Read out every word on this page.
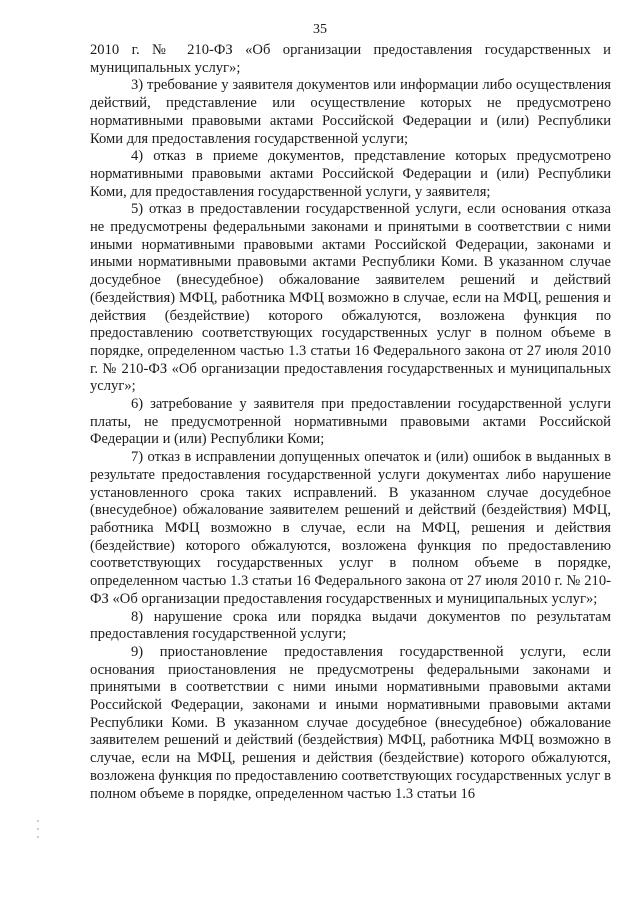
35

2010 г. № 210-ФЗ «Об организации предоставления государственных и муниципальных услуг»;

3) требование у заявителя документов или информации либо осуществления действий, представление или осуществление которых не предусмотрено нормативными правовыми актами Российской Федерации и (или) Республики Коми для предоставления государственной услуги;

4) отказ в приеме документов, представление которых предусмотрено нормативными правовыми актами Российской Федерации и (или) Республики Коми, для предоставления государственной услуги, у заявителя;

5) отказ в предоставлении государственной услуги, если основания отказа не предусмотрены федеральными законами и принятыми в соответствии с ними иными нормативными правовыми актами Российской Федерации, законами и иными нормативными правовыми актами Республики Коми. В указанном случае досудебное (внесудебное) обжалование заявителем решений и действий (бездействия) МФЦ, работника МФЦ возможно в случае, если на МФЦ, решения и действия (бездействие) которого обжалуются, возложена функция по предоставлению соответствующих государственных услуг в полном объеме в порядке, определенном частью 1.3 статьи 16 Федерального закона от 27 июля 2010 г. № 210-ФЗ «Об организации предоставления государственных и муниципальных услуг»;

6) затребование у заявителя при предоставлении государственной услуги платы, не предусмотренной нормативными правовыми актами Российской Федерации и (или) Республики Коми;

7) отказ в исправлении допущенных опечаток и (или) ошибок в выданных в результате предоставления государственной услуги документах либо нарушение установленного срока таких исправлений. В указанном случае досудебное (внесудебное) обжалование заявителем решений и действий (бездействия) МФЦ, работника МФЦ возможно в случае, если на МФЦ, решения и действия (бездействие) которого обжалуются, возложена функция по предоставлению соответствующих государственных услуг в полном объеме в порядке, определенном частью 1.3 статьи 16 Федерального закона от 27 июля 2010 г. № 210-ФЗ «Об организации предоставления государственных и муниципальных услуг»;

8) нарушение срока или порядка выдачи документов по результатам предоставления государственной услуги;

9) приостановление предоставления государственной услуги, если основания приостановления не предусмотрены федеральными законами и принятыми в соответствии с ними иными нормативными правовыми актами Российской Федерации, законами и иными нормативными правовыми актами Республики Коми. В указанном случае досудебное (внесудебное) обжалование заявителем решений и действий (бездействия) МФЦ, работника МФЦ возможно в случае, если на МФЦ, решения и действия (бездействие) которого обжалуются, возложена функция по предоставлению соответствующих государственных услуг в полном объеме в порядке, определенном частью 1.3 статьи 16
